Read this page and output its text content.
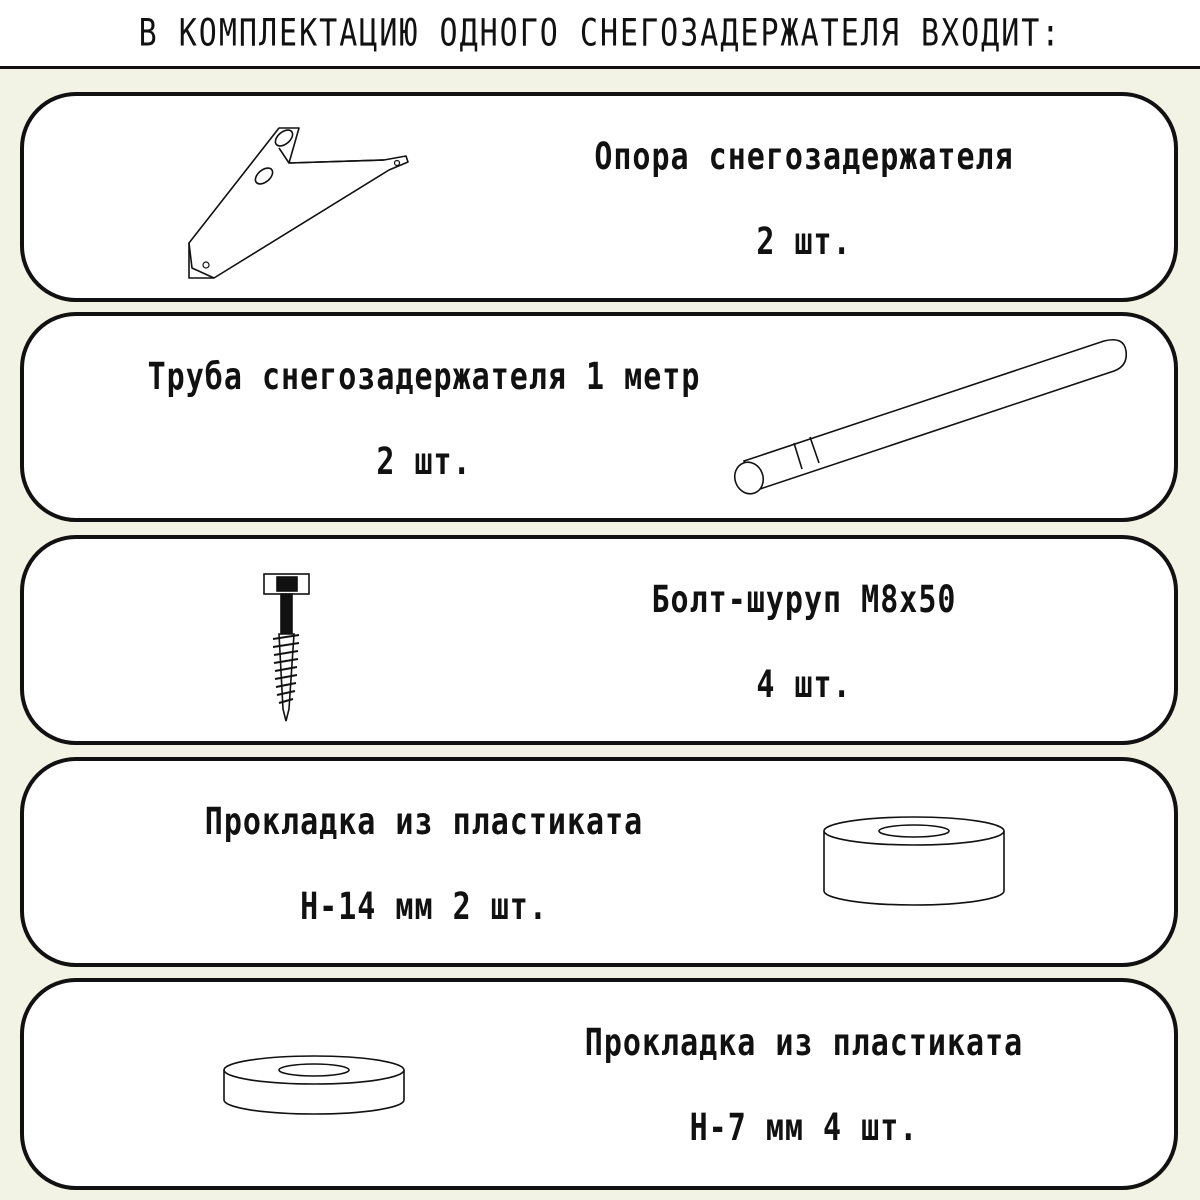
В КОМПЛЕКТАЦИЮ ОДНОГО СНЕГОЗАДЕРЖАТЕЛЯ ВХОДИТ:
Опора снегозадержателя
2 шт.
Труба снегозадержателя 1 метр
2 шт.
Болт-шуруп М8х50
4 шт.
Прокладка из пластиката
Н-14 мм 2 шт.
Прокладка из пластиката
Н-7 мм 4 шт.
